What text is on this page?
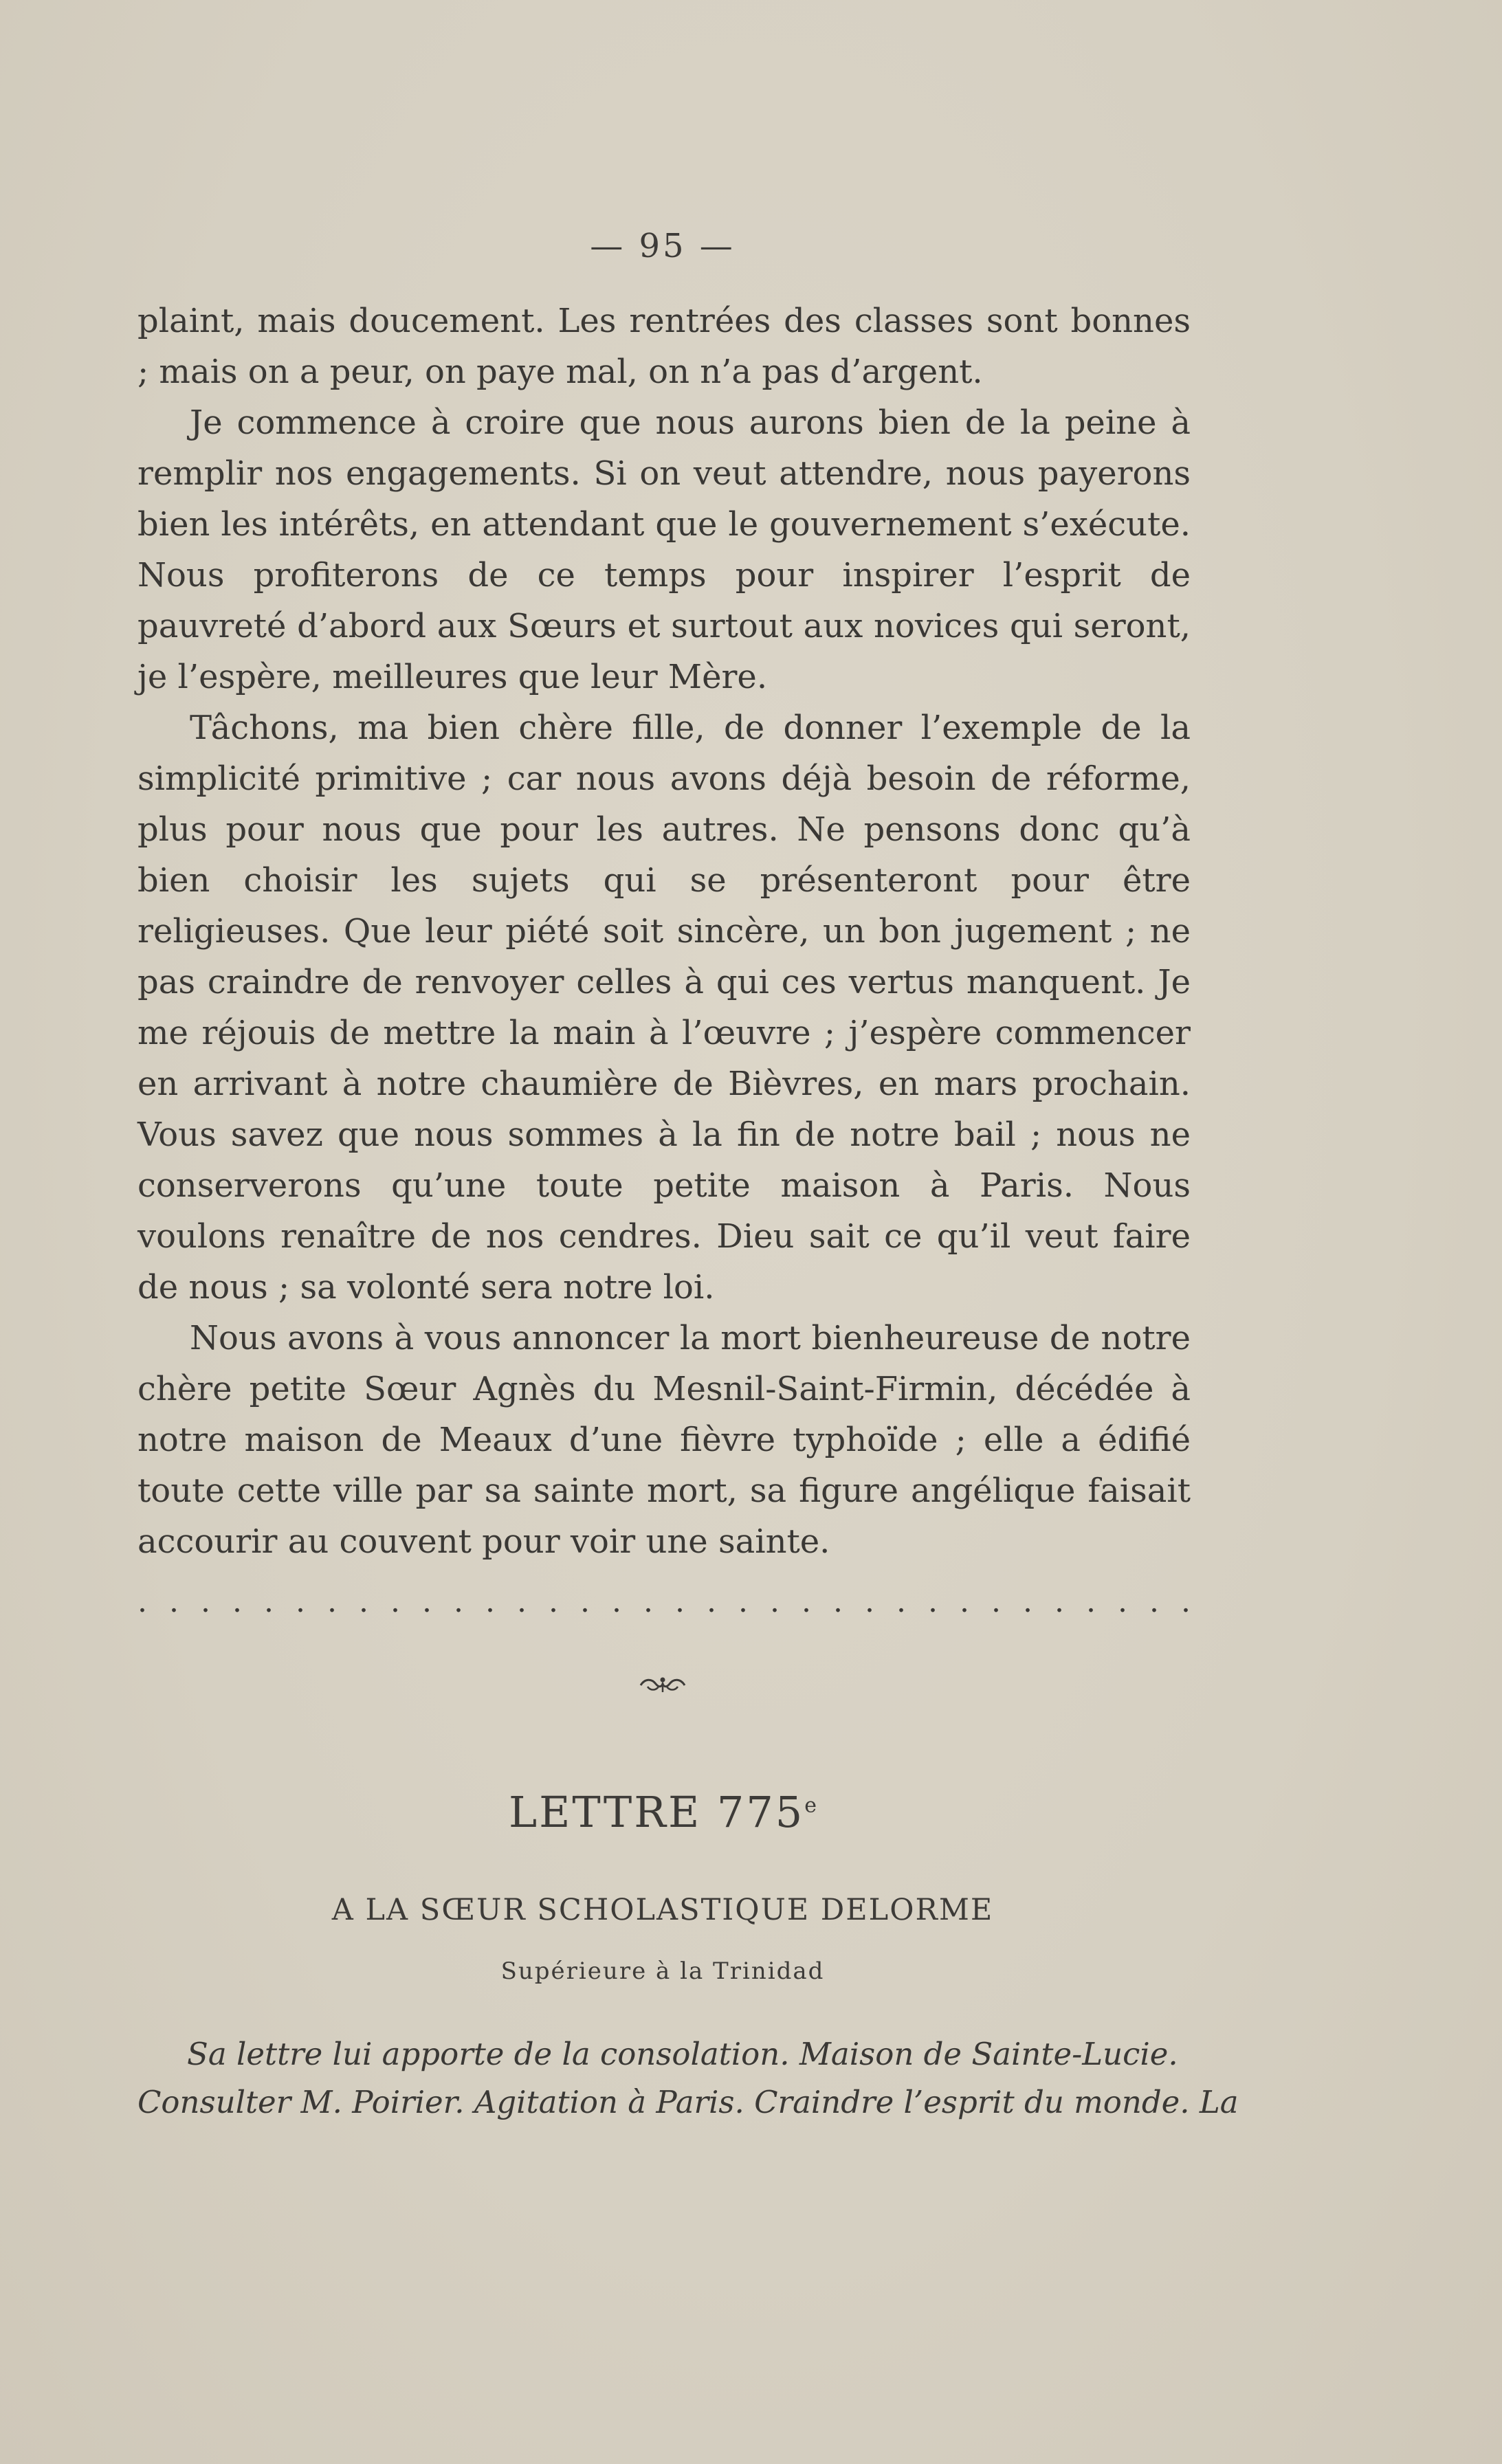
— 95 —

plaint, mais doucement. Les rentrées des classes sont bonnes ; mais on a peur, on paye mal, on n’a pas d’argent.

Je commence à croire que nous aurons bien de la peine à remplir nos engagements. Si on veut attendre, nous payerons bien les intérêts, en attendant que le gouvernement s’exécute. Nous profiterons de ce temps pour inspirer l’esprit de pauvreté d’abord aux Sœurs et surtout aux novices qui seront, je l’espère, meilleures que leur Mère.

Tâchons, ma bien chère fille, de donner l’exemple de la simplicité primitive ; car nous avons déjà besoin de réforme, plus pour nous que pour les autres. Ne pensons donc qu’à bien choisir les sujets qui se présenteront pour être religieuses. Que leur piété soit sincère, un bon jugement ; ne pas craindre de renvoyer celles à qui ces vertus manquent. Je me réjouis de mettre la main à l’œuvre ; j’espère commencer en arrivant à notre chaumière de Bièvres, en mars prochain. Vous savez que nous sommes à la fin de notre bail ; nous ne conserverons qu’une toute petite maison à Paris. Nous voulons renaître de nos cendres. Dieu sait ce qu’il veut faire de nous ; sa volonté sera notre loi.

Nous avons à vous annoncer la mort bienheureuse de notre chère petite Sœur Agnès du Mesnil-Saint-Firmin, décédée à notre maison de Meaux d’une fièvre typhoïde ; elle a édifié toute cette ville par sa sainte mort, sa figure angélique faisait accourir au couvent pour voir une sainte.

. . . . . . . . . . . . . . . . . . . . . . . . . . . . . . . . . .
LETTRE 775e
A LA SŒUR SCHOLASTIQUE DELORME
Supérieure à la Trinidad
Sa lettre lui apporte de la consolation. Maison de Sainte-Lucie.
Consulter M. Poirier. Agitation à Paris. Craindre l’esprit du monde. La
